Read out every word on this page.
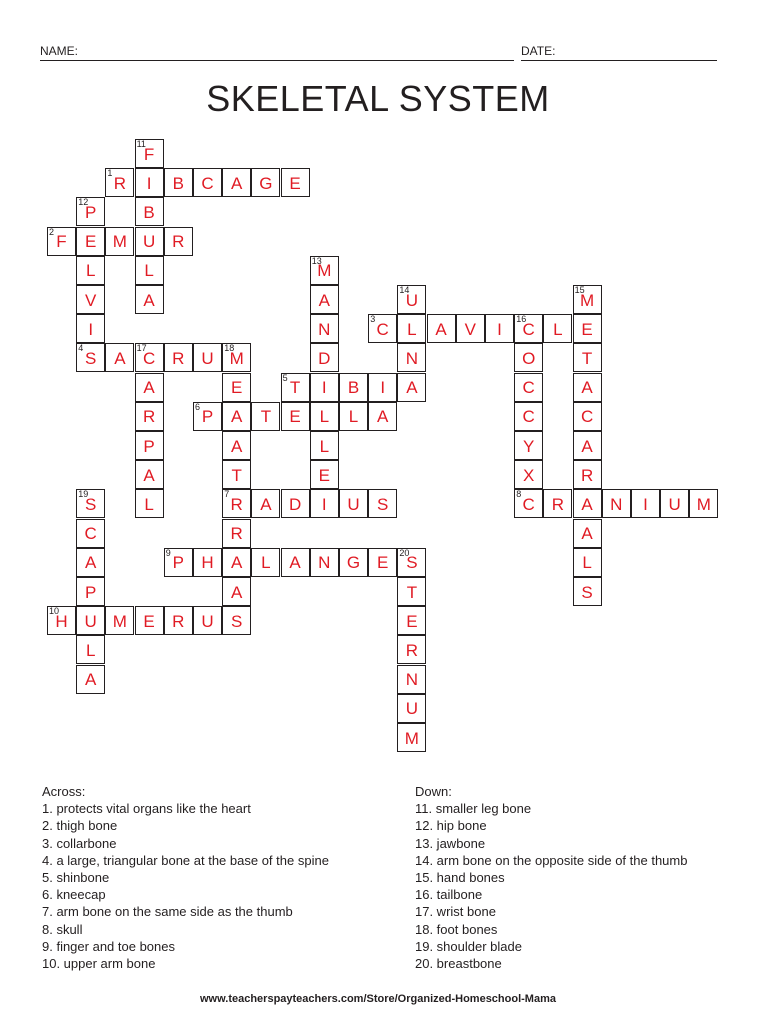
NAME:	DATE:
SKELETAL SYSTEM
1
R I B C A G E
2
F E M U R
3
C L A V I
16
C L E
4
S A
17
C R U
18
M
5
T I B I A
6
P A T E L L A
7
R A D I U S
8
C R A N I U M
9
P H A L A N G E
20
S
10
H U M E R U S
11
F
B
L
A
12
P
L
V
I
13
M
A
N
D
L
E
14
U
N
15
M
T
A
C
A
R
A
L
S
O
C
C
Y
X
A
R
P
A
L
E
A
T
R
A
19
S
C
A
P
L
A
T
E
R
N
U
M
Across:
1. protects vital organs like the heart
2. thigh bone
3. collarbone
4. a large, triangular bone at the base of the spine
5. shinbone
6. kneecap
7. arm bone on the same side as the thumb
8. skull
9. finger and toe bones
10. upper arm bone
Down:
11. smaller leg bone
12. hip bone
13. jawbone
14. arm bone on the opposite side of the thumb
15. hand bones
16. tailbone
17. wrist bone
18. foot bones
19. shoulder blade
20. breastbone
www.teacherspayteachers.com/Store/Organized-Homeschool-Mama
